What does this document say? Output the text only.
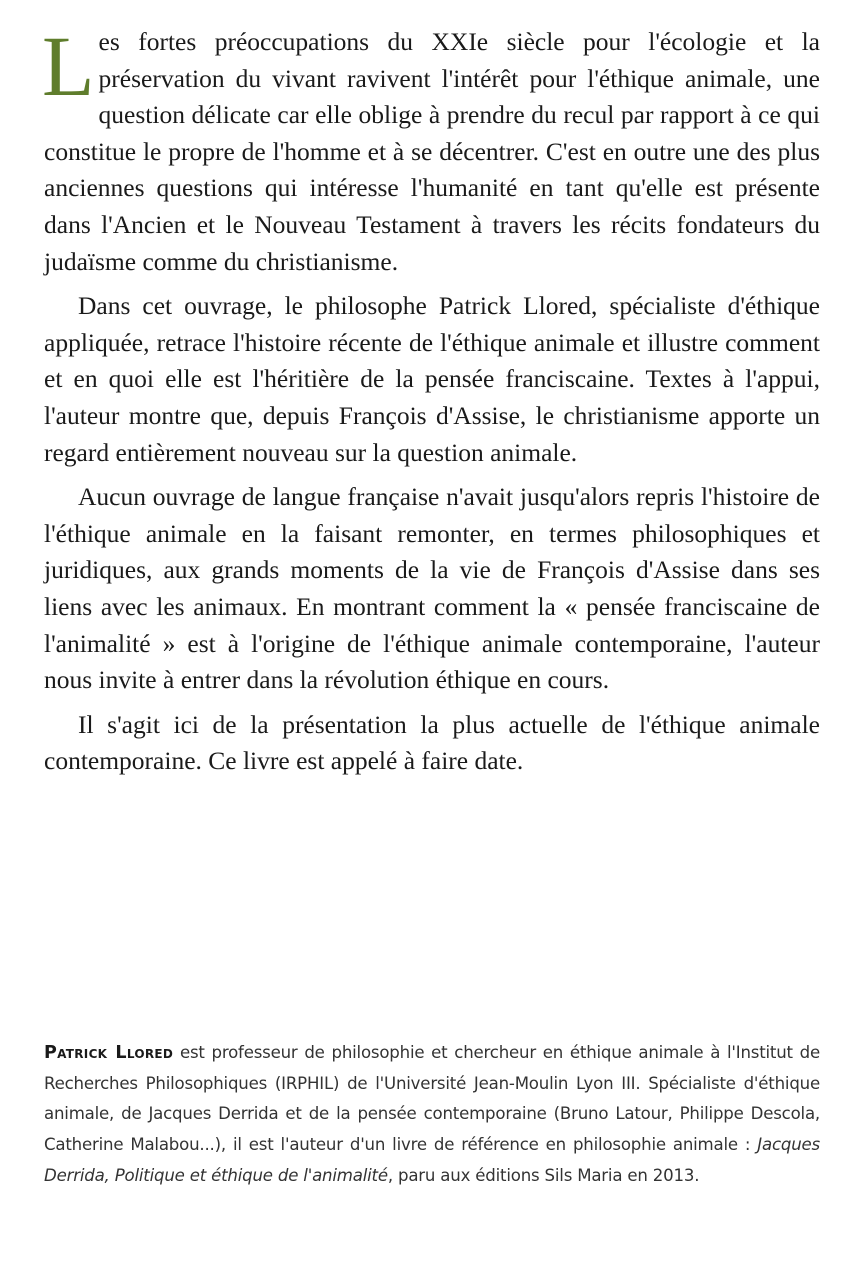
Les fortes préoccupations du XXIe siècle pour l'écologie et la préservation du vivant ravivent l'intérêt pour l'éthique animale, une question délicate car elle oblige à prendre du recul par rapport à ce qui constitue le propre de l'homme et à se décentrer. C'est en outre une des plus anciennes questions qui intéresse l'humanité en tant qu'elle est présente dans l'Ancien et le Nouveau Testament à travers les récits fondateurs du judaïsme comme du christianisme.

Dans cet ouvrage, le philosophe Patrick Llored, spécialiste d'éthique appliquée, retrace l'histoire récente de l'éthique animale et illustre comment et en quoi elle est l'héritière de la pensée franciscaine. Textes à l'appui, l'auteur montre que, depuis François d'Assise, le christianisme apporte un regard entièrement nouveau sur la question animale.

Aucun ouvrage de langue française n'avait jusqu'alors repris l'histoire de l'éthique animale en la faisant remonter, en termes philosophiques et juridiques, aux grands moments de la vie de François d'Assise dans ses liens avec les animaux. En montrant comment la « pensée franciscaine de l'animalité » est à l'origine de l'éthique animale contemporaine, l'auteur nous invite à entrer dans la révolution éthique en cours.

Il s'agit ici de la présentation la plus actuelle de l'éthique animale contemporaine. Ce livre est appelé à faire date.

Patrick Llored est professeur de philosophie et chercheur en éthique animale à l'Institut de Recherches Philosophiques (IRPHIL) de l'Université Jean-Moulin Lyon III. Spécialiste d'éthique animale, de Jacques Derrida et de la pensée contemporaine (Bruno Latour, Philippe Descola, Catherine Malabou...), il est l'auteur d'un livre de référence en philosophie animale : Jacques Derrida, Politique et éthique de l'animalité, paru aux éditions Sils Maria en 2013.
